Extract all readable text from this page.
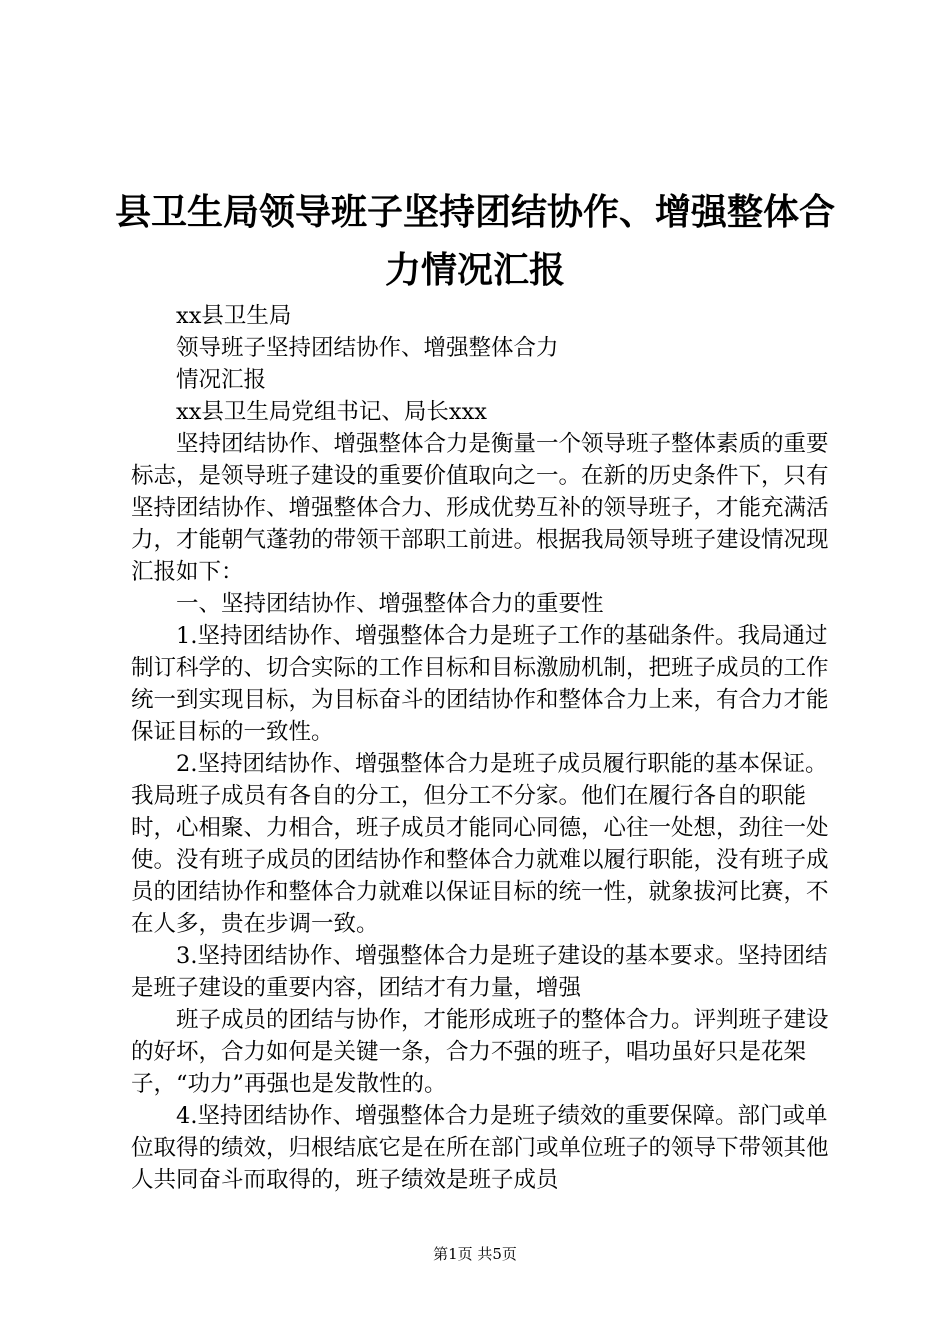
县卫生局领导班子坚持团结协作、增强整体合
力情况汇报

xx县卫生局

领导班子坚持团结协作、增强整体合力

情况汇报

xx县卫生局党组书记、局长xxx

坚持团结协作、增强整体合力是衡量一个领导班子整体素质的重要标志，是领导班子建设的重要价值取向之一。在新的历史条件下，只有坚持团结协作、增强整体合力、形成优势互补的领导班子，才能充满活力，才能朝气蓬勃的带领干部职工前进。根据我局领导班子建设情况现汇报如下：

一、坚持团结协作、增强整体合力的重要性

1.坚持团结协作、增强整体合力是班子工作的基础条件。我局通过制订科学的、切合实际的工作目标和目标激励机制，把班子成员的工作统一到实现目标，为目标奋斗的团结协作和整体合力上来，有合力才能保证目标的一致性。

2.坚持团结协作、增强整体合力是班子成员履行职能的基本保证。我局班子成员有各自的分工，但分工不分家。他们在履行各自的职能时，心相聚、力相合，班子成员才能同心同德，心往一处想，劲往一处使。没有班子成员的团结协作和整体合力就难以履行职能，没有班子成员的团结协作和整体合力就难以保证目标的统一性，就象拔河比赛，不在人多，贵在步调一致。

3.坚持团结协作、增强整体合力是班子建设的基本要求。坚持团结是班子建设的重要内容，团结才有力量，增强

班子成员的团结与协作，才能形成班子的整体合力。评判班子建设的好坏，合力如何是关键一条，合力不强的班子，唱功虽好只是花架子，“功力”再强也是发散性的。

4.坚持团结协作、增强整体合力是班子绩效的重要保障。部门或单位取得的绩效，归根结底它是在所在部门或单位班子的领导下带领其他人共同奋斗而取得的，班子绩效是班子成员

第1页 共5页
